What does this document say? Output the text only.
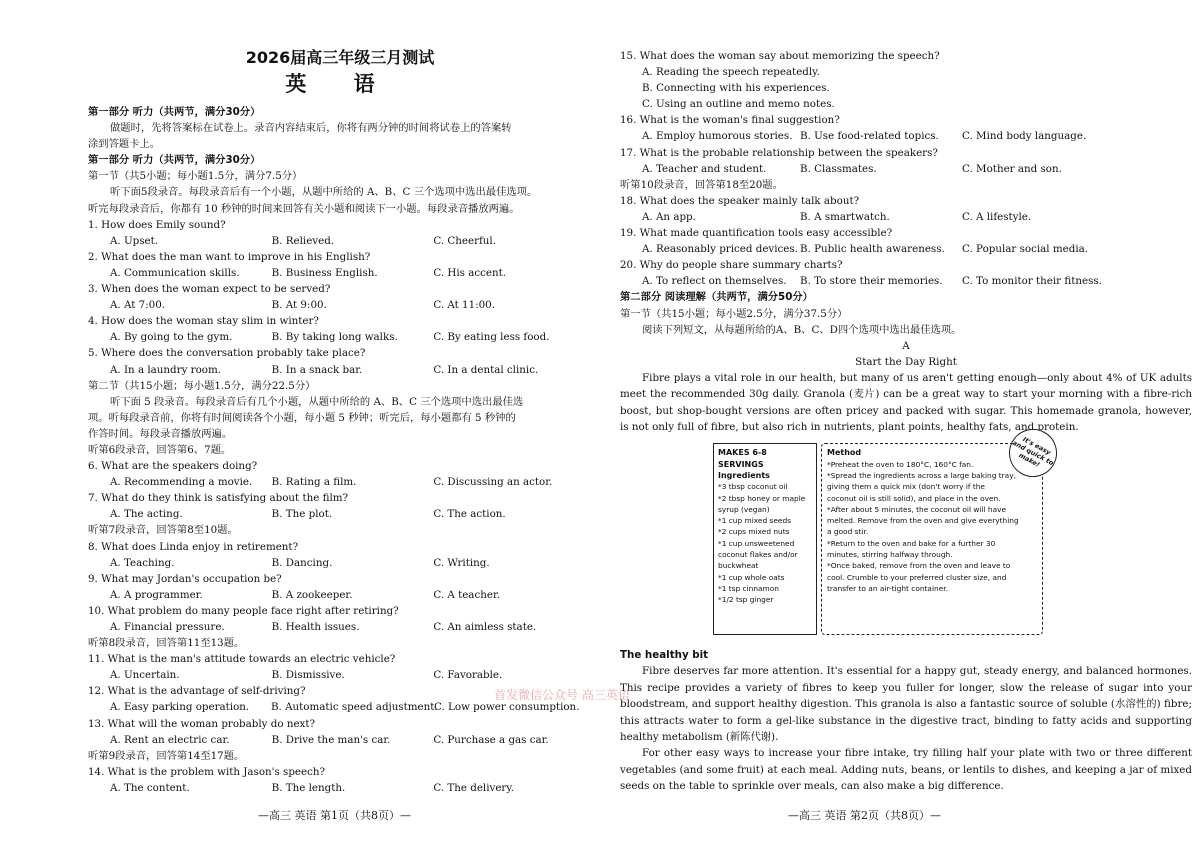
2026届高三年级三月测试
英 语
第一部分 听力（共两节，满分30分）
做题时，先将答案标在试卷上。录音内容结束后，你将有两分钟的时间将试卷上的答案转
涂到答题卡上。
第一部分 听力（共两节，满分30分）
第一节（共5小题；每小题1.5分，满分7.5分）
听下面5段录音。每段录音后有一个小题，从题中所给的 A、B、C 三个选项中选出最佳选项。
听完每段录音后，你都有 10 秒钟的时间来回答有关小题和阅读下一小题。每段录音播放两遍。
1. How does Emily sound?
A. Upset.	B. Relieved.	C. Cheerful.
2. What does the man want to improve in his English?
A. Communication skills.	B. Business English.	C. His accent.
3. When does the woman expect to be served?
A. At 7:00.	B. At 9:00.	C. At 11:00.
4. How does the woman stay slim in winter?
A. By going to the gym.	B. By taking long walks.	C. By eating less food.
5. Where does the conversation probably take place?
A. In a laundry room.	B. In a snack bar.	C. In a dental clinic.
第二节（共15小题；每小题1.5分，满分22.5分）
听下面 5 段录音。每段录音后有几个小题，从题中所给的 A、B、C 三个选项中选出最佳选
项。听每段录音前，你将有时间阅读各个小题，每小题 5 秒钟；听完后，每小题都有 5 秒钟的
作答时间。每段录音播放两遍。
听第6段录音，回答第6、7题。
6. What are the speakers doing?
A. Recommending a movie.	B. Rating a film.	C. Discussing an actor.
7. What do they think is satisfying about the film?
A. The acting.	B. The plot.	C. The action.
听第7段录音，回答第8至10题。
8. What does Linda enjoy in retirement?
A. Teaching.	B. Dancing.	C. Writing.
9. What may Jordan's occupation be?
A. A programmer.	B. A zookeeper.	C. A teacher.
10. What problem do many people face right after retiring?
A. Financial pressure.	B. Health issues.	C. An aimless state.
听第8段录音，回答第11至13题。
11. What is the man's attitude towards an electric vehicle?
A. Uncertain.	B. Dismissive.	C. Favorable.
12. What is the advantage of self-driving?
A. Easy parking operation.	B. Automatic speed adjustment.
C. Low power consumption.
13. What will the woman probably do next?
A. Rent an electric car.	B. Drive the man's car.	C. Purchase a gas car.
听第9段录音，回答第14至17题。
14. What is the problem with Jason's speech?
A. The content.	B. The length.	C. The delivery.
—高三 英语 第1页（共8页）—
15. What does the woman say about memorizing the speech?
A. Reading the speech repeatedly.
B. Connecting with his experiences.
C. Using an outline and memo notes.
16. What is the woman's final suggestion?
A. Employ humorous stories. B. Use food-related topics.	C. Mind body language.
17. What is the probable relationship between the speakers?
A. Teacher and student.	B. Classmates.	C. Mother and son.
听第10段录音，回答第18至20题。
18. What does the speaker mainly talk about?
A. An app.	B. A smartwatch.	C. A lifestyle.
19. What made quantification tools easy accessible?
A. Reasonably priced devices. B. Public health awareness.	C. Popular social media.
20. Why do people share summary charts?
A. To reflect on themselves.	B. To store their memories.	C. To monitor their fitness.
第二部分 阅读理解（共两节，满分50分）
第一节（共15小题；每小题2.5分，满分37.5分）
阅读下列短文，从每题所给的A、B、C、D四个选项中选出最佳选项。
A
Start the Day Right

Fibre plays a vital role in our health, but many of us aren't getting enough—only about 4% of UK adults meet the recommended 30g daily. Granola (麦片) can be a great way to start your morning with a fibre-rich boost, but shop-bought versions are often pricey and packed with sugar. This homemade granola, however, is not only full of fibre, but also rich in nutrients, plant points, healthy fats, and protein.

MAKES 6-8 SERVINGS
Ingredients
*3 tbsp coconut oil
*2 tbsp honey or maple
syrup (vegan)
*1 cup mixed seeds
*2 cups mixed nuts
*1 cup unsweetened
coconut flakes and/or
buckwheat
*1 cup whole oats
*1 tsp cinnamon
*1/2 tsp ginger
Method
*Preheat the oven to 180°C, 160°C fan.
*Spread the ingredients across a large baking tray,
giving them a quick mix (don't worry if the
coconut oil is still solid), and place in the oven.
*After about 5 minutes, the coconut oil will have
melted. Remove from the oven and give everything
a good stir.
*Return to the oven and bake for a further 30
minutes, stirring halfway through.
*Once baked, remove from the oven and leave to
cool. Crumble to your preferred cluster size, and
transfer to an air-tight container.
It's easy and quick to make!
The healthy bit

Fibre deserves far more attention. It's essential for a happy gut, steady energy, and balanced hormones. This recipe provides a variety of fibres to keep you fuller for longer, slow the release of sugar into your bloodstream, and support healthy digestion. This granola is also a fantastic source of soluble (水溶性的) fibre; this attracts water to form a gel-like substance in the digestive tract, binding to fatty acids and supporting healthy metabolism (新陈代谢).

For other easy ways to increase your fibre intake, try filling half your plate with two or three different vegetables (and some fruit) at each meal. Adding nuts, beans, or lentils to dishes, and keeping a jar of mixed seeds on the table to sprinkle over meals, can also make a big difference.

—高三 英语 第2页（共8页）—
首发微信公众号 高三英语
